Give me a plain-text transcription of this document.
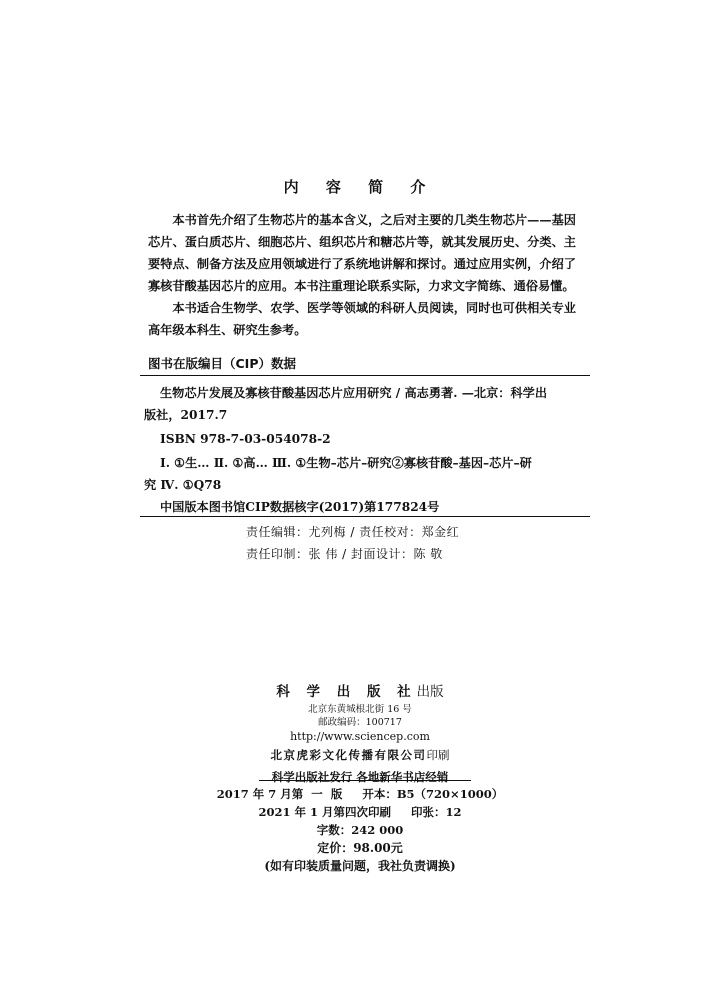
内 容 简 介

本书首先介绍了生物芯片的基本含义，之后对主要的几类生物芯片——基因芯片、蛋白质芯片、细胞芯片、组织芯片和糖芯片等，就其发展历史、分类、主要特点、制备方法及应用领域进行了系统地讲解和探讨。通过应用实例，介绍了寡核苷酸基因芯片的应用。本书注重理论联系实际，力求文字简练、通俗易懂。

本书适合生物学、农学、医学等领域的科研人员阅读，同时也可供相关专业高年级本科生、研究生参考。

图书在版编目（CIP）数据
生物芯片发展及寡核苷酸基因芯片应用研究 / 高志勇著. —北京：科学出
版社，2017.7
ISBN 978-7-03-054078-2
Ⅰ. ①生… Ⅱ. ①高… Ⅲ. ①生物–芯片–研究②寡核苷酸–基因–芯片–研
究 Ⅳ. ①Q78
中国版本图书馆CIP数据核字(2017)第177824号
责任编辑：尤列梅 / 责任校对：郑金红
责任印制：张 伟 / 封面设计：陈 敬
科 学 出 版 社出版
北京东黄城根北街 16 号
邮政编码：100717
http://www.sciencep.com
北京虎彩文化传播有限公司印刷
科学出版社发行 各地新华书店经销
2017 年 7 月第  一  版     开本：B5（720×1000）
2021 年 1 月第四次印刷     印张：12
字数：242 000
定价：98.00元
(如有印装质量问题，我社负责调换)
